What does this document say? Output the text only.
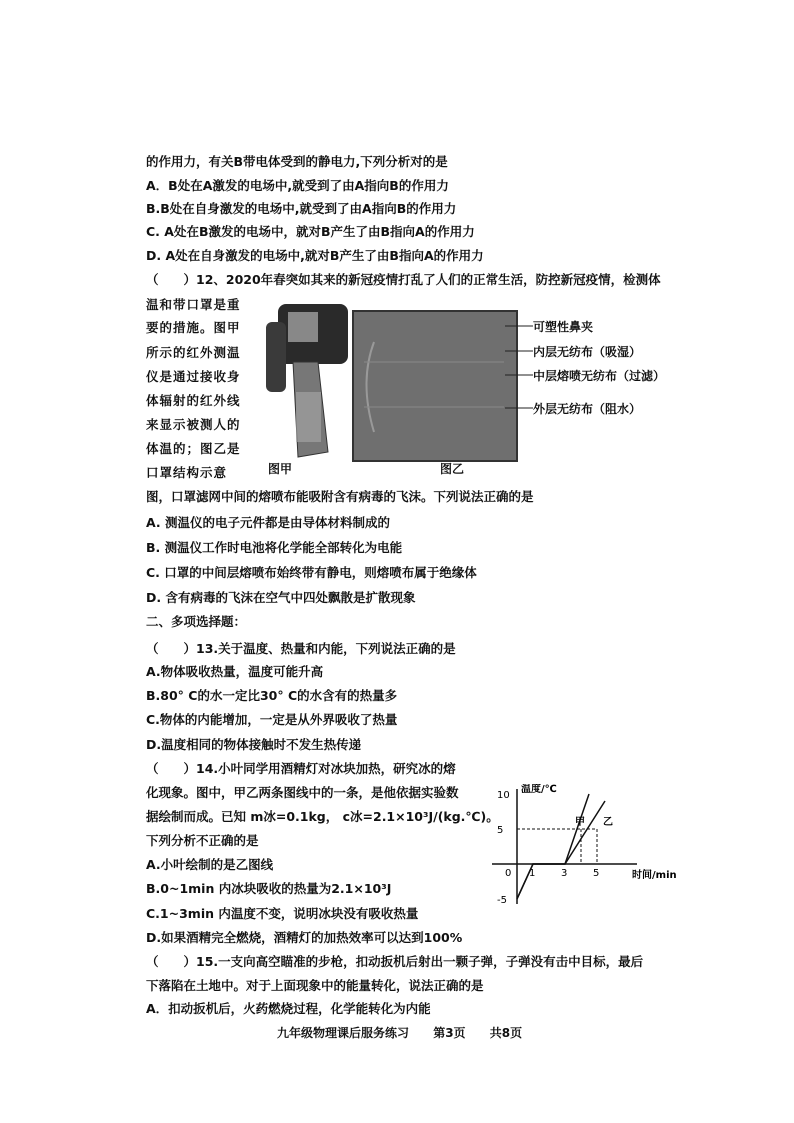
的作用力，有关B带电体受到的静电力,下列分析对的是
A．B处在A激发的电场中,就受到了由A指向B的作用力
B.B处在自身激发的电场中,就受到了由A指向B的作用力
C. A处在B激发的电场中，就对B产生了由B指向A的作用力
D. A处在自身激发的电场中,就对B产生了由B指向A的作用力
（　　）12、2020年春突如其来的新冠疫情打乱了人们的正常生活，防控新冠疫情，检测体
温和带口罩是重
要的措施。图甲
所示的红外测温
仪是通过接收身
体辐射的红外线
来显示被测人的
体温的；图乙是
口罩结构示意
图，口罩滤网中间的熔喷布能吸附含有病毒的飞沫。下列说法正确的是
A. 测温仪的电子元件都是由导体材料制成的
B. 测温仪工作时电池将化学能全部转化为电能
C. 口罩的中间层熔喷布始终带有静电，则熔喷布属于绝缘体
D. 含有病毒的飞沫在空气中四处飘散是扩散现象
二、多项选择题：
（　　）13.关于温度、热量和内能，下列说法正确的是
A.物体吸收热量，温度可能升高
B.80° C的水一定比30° C的水含有的热量多
C.物体的内能增加，一定是从外界吸收了热量
D.温度相同的物体接触时不发生热传递
（　　）14.小叶同学用酒精灯对冰块加热，研究冰的熔
化现象。图中，甲乙两条图线中的一条，是他依据实验数
据绘制而成。已知 m冰=0.1kg， c冰=2.1×10³J/(kg.℃)。
下列分析不正确的是
A.小叶绘制的是乙图线
B.0~1min 内冰块吸收的热量为2.1×10³J
C.1~3min 内温度不变，说明冰块没有吸收热量
D.如果酒精完全燃烧，酒精灯的加热效率可以达到100%
（　　）15.一支向高空瞄准的步枪，扣动扳机后射出一颗子弹，子弹没有击中目标，最后
下落陷在土地中。对于上面现象中的能量转化，说法正确的是
A．扣动扳机后，火药燃烧过程，化学能转化为内能
图甲
可塑性鼻夹
内层无纺布（吸湿）
中层熔喷无纺布（过滤）
外层无纺布（阻水）
图乙
温度/℃
时间/min
10
5
-5
0 1	3	5
甲 乙
九年级物理课后服务练习 第3页 共8页
